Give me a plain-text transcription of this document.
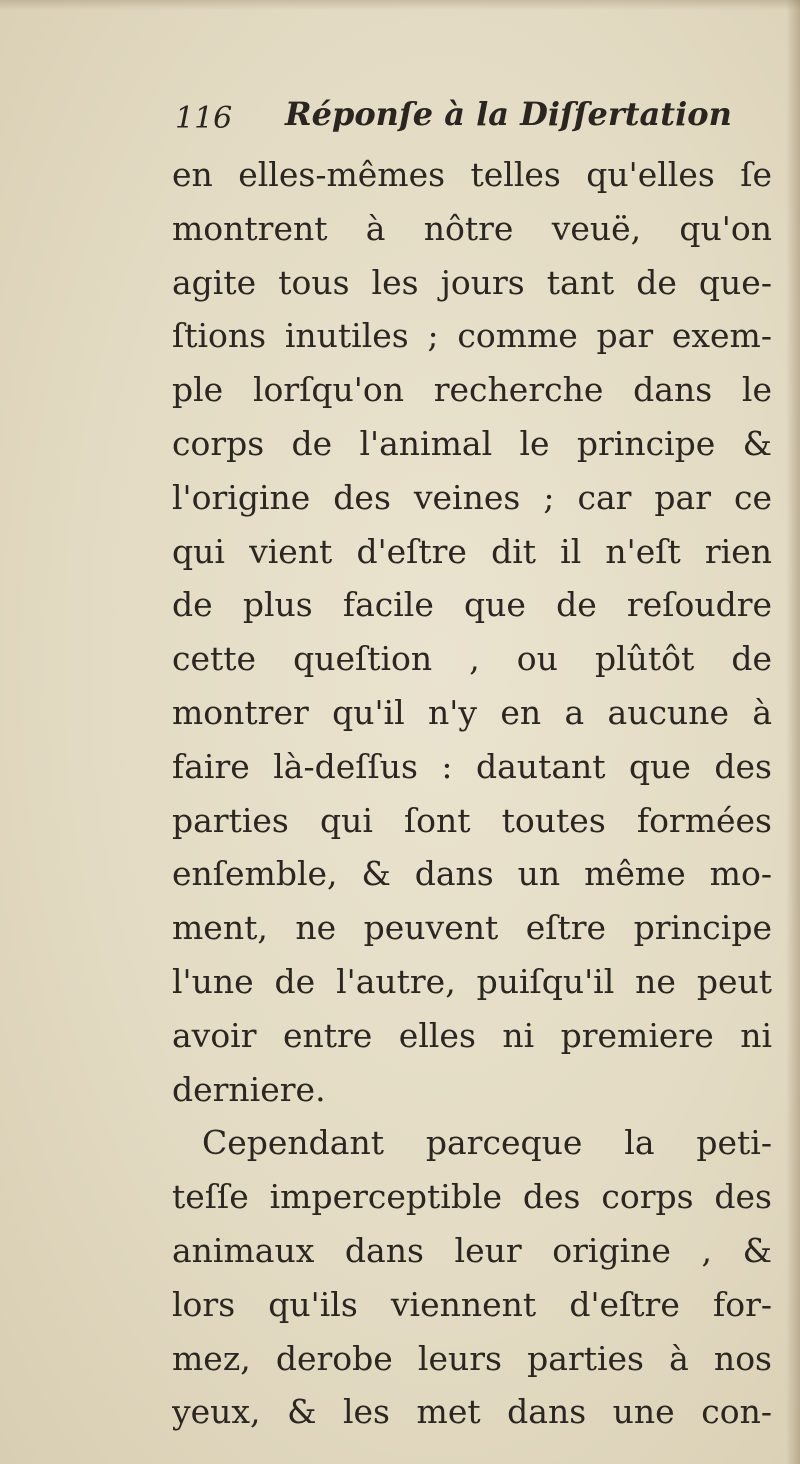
116 Réponſe à la Diſſertation
en elles-mêmes telles qu'elles ſe
montrent à nôtre veuë, qu'on
agite tous les jours tant de que-
ſtions inutiles ; comme par exem-
ple lorſqu'on recherche dans le
corps de l'animal le principe &
l'origine des veines ; car par ce
qui vient d'eſtre dit il n'eſt rien
de plus facile que de reſoudre
cette queſtion , ou plûtôt de
montrer qu'il n'y en a aucune à
faire là-deſſus : dautant que des
parties qui ſont toutes formées
enſemble, & dans un même mo-
ment, ne peuvent eſtre principe
l'une de l'autre, puiſqu'il ne peut
avoir entre elles ni premiere ni
derniere.
Cependant parceque la peti-
teſſe imperceptible des corps des
animaux dans leur origine , &
lors qu'ils viennent d'eſtre for-
mez, derobe leurs parties à nos
yeux, & les met dans une con-
